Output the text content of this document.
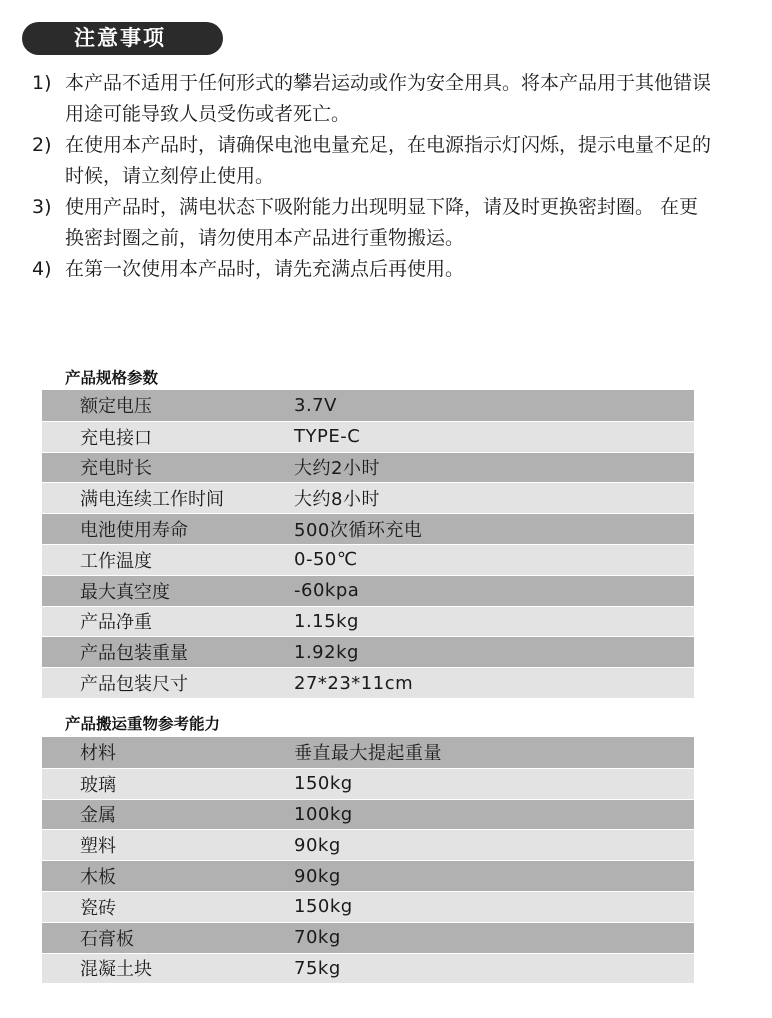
注意事项
1) 本产品不适用于任何形式的攀岩运动或作为安全用具。将本产品用于其他错误用途可能导致人员受伤或者死亡。
2) 在使用本产品时，请确保电池电量充足，在电源指示灯闪烁，提示电量不足的时候，请立刻停止使用。
3) 使用产品时，满电状态下吸附能力出现明显下降，请及时更换密封圈。 在更换密封圈之前，请勿使用本产品进行重物搬运。
4) 在第一次使用本产品时，请先充满点后再使用。
产品规格参数
额定电压	3.7V
充电接口	TYPE-C
充电时长	大约2小时
满电连续工作时间	大约8小时
电池使用寿命	500次循环充电
工作温度	0-50℃
最大真空度	-60kpa
产品净重	1.15kg
产品包装重量	1.92kg
产品包装尺寸	27*23*11cm
产品搬运重物参考能力
材料	垂直最大提起重量
玻璃	150kg
金属	100kg
塑料	90kg
木板	90kg
瓷砖	150kg
石膏板	70kg
混凝土块	75kg
